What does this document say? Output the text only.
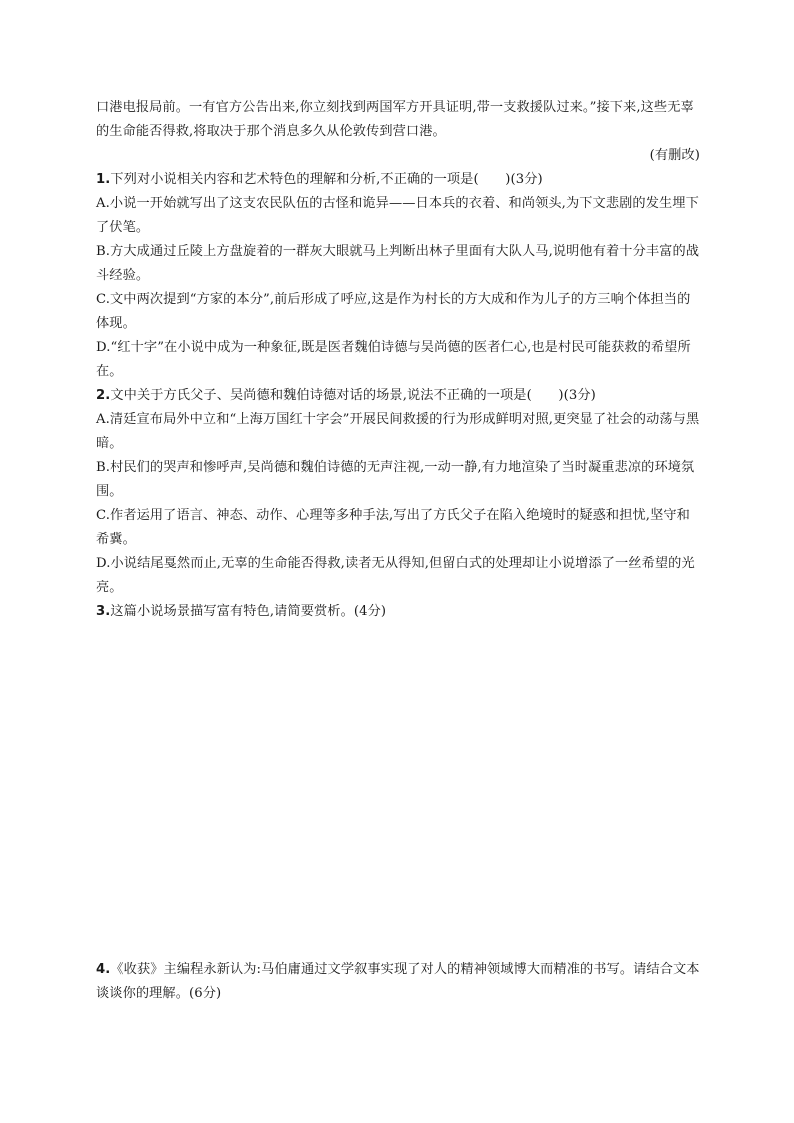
口港电报局前。一有官方公告出来,你立刻找到两国军方开具证明,带一支救援队过来。”接下来,这些无辜的生命能否得救,将取决于那个消息多久从伦敦传到营口港。

(有删改)

1.下列对小说相关内容和艺术特色的理解和分析,不正确的一项是(　　)(3分)

A.小说一开始就写出了这支农民队伍的古怪和诡异——日本兵的衣着、和尚领头,为下文悲剧的发生埋下了伏笔。

B.方大成通过丘陵上方盘旋着的一群灰大眼就马上判断出林子里面有大队人马,说明他有着十分丰富的战斗经验。

C.文中两次提到“方家的本分”,前后形成了呼应,这是作为村长的方大成和作为儿子的方三响个体担当的体现。

D.“红十字”在小说中成为一种象征,既是医者魏伯诗德与吴尚德的医者仁心,也是村民可能获救的希望所在。

2.文中关于方氏父子、吴尚德和魏伯诗德对话的场景,说法不正确的一项是(　　)(3分)

A.清廷宣布局外中立和“上海万国红十字会”开展民间救援的行为形成鲜明对照,更突显了社会的动荡与黑暗。

B.村民们的哭声和惨呼声,吴尚德和魏伯诗德的无声注视,一动一静,有力地渲染了当时凝重悲凉的环境氛围。

C.作者运用了语言、神态、动作、心理等多种手法,写出了方氏父子在陷入绝境时的疑惑和担忧,坚守和希冀。

D.小说结尾戛然而止,无辜的生命能否得救,读者无从得知,但留白式的处理却让小说增添了一丝希望的光亮。

3.这篇小说场景描写富有特色,请简要赏析。(4分)

4.《收获》主编程永新认为:马伯庸通过文学叙事实现了对人的精神领域博大而精准的书写。请结合文本谈谈你的理解。(6分)
